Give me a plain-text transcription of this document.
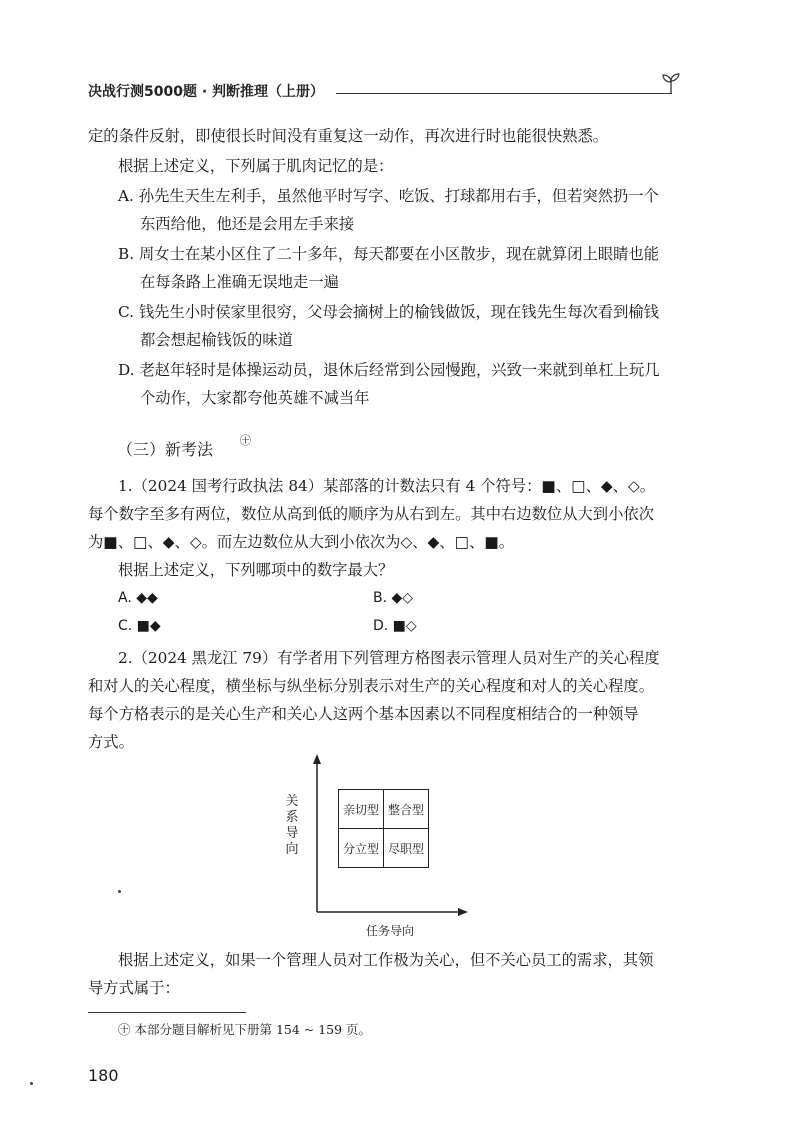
决战行测5000题 · 判断推理（上册）
定的条件反射，即使很长时间没有重复这一动作，再次进行时也能很快熟悉。
根据上述定义，下列属于肌肉记忆的是：
A. 孙先生天生左利手，虽然他平时写字、吃饭、打球都用右手，但若突然扔一个
东西给他，他还是会用左手来接
B. 周女士在某小区住了二十多年，每天都要在小区散步，现在就算闭上眼睛也能
在每条路上准确无误地走一遍
C. 钱先生小时侯家里很穷，父母会摘树上的榆钱做饭，现在钱先生每次看到榆钱
都会想起榆钱饭的味道
D. 老赵年轻时是体操运动员，退休后经常到公园慢跑，兴致一来就到单杠上玩几
个动作，大家都夸他英雄不减当年
（三）新考法 ㊉
1.（2024 国考行政执法 84）某部落的计数法只有 4 个符号：■、□、◆、◇。
每个数字至多有两位，数位从高到低的顺序为从右到左。其中右边数位从大到小依次
为■、□、◆、◇。而左边数位从大到小依次为◇、◆、□、■。
根据上述定义，下列哪项中的数字最大？
A. ◆◆	B. ◆◇
C. ■◆	D. ■◇
2.（2024 黑龙江 79）有学者用下列管理方格图表示管理人员对生产的关心程度
和对人的关心程度，横坐标与纵坐标分别表示对生产的关心程度和对人的关心程度。
每个方格表示的是关心生产和关心人这两个基本因素以不同程度相结合的一种领导
方式。
关系导向
亲切型 整合型
分立型 尽职型
任务导向
根据上述定义，如果一个管理人员对工作极为关心，但不关心员工的需求，其领
导方式属于：
㊉ 本部分题目解析见下册第 154 ~ 159 页。
180
